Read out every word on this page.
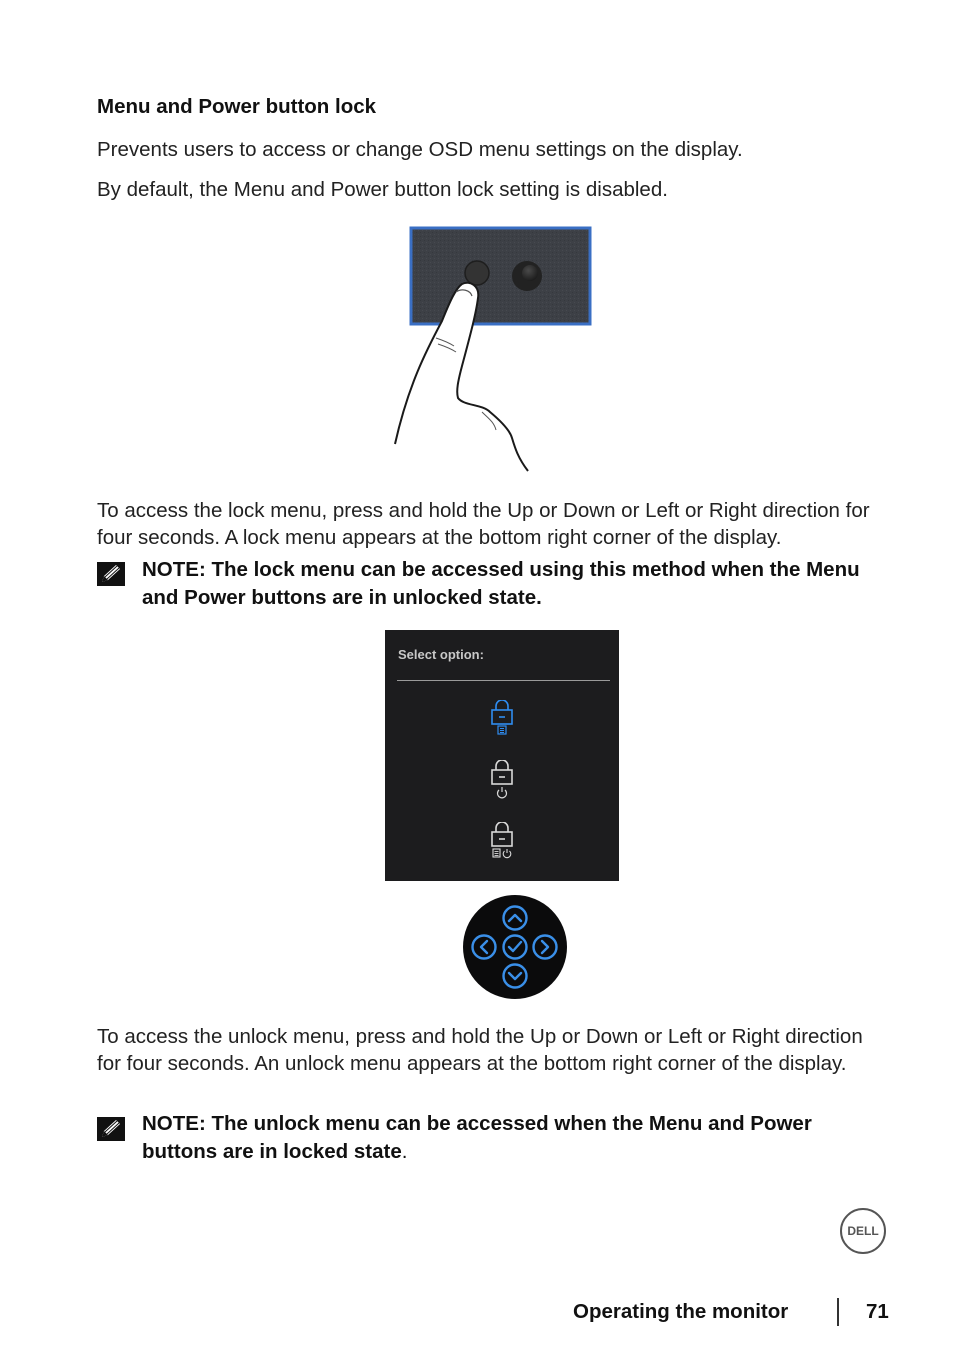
Menu and Power button lock
Prevents users to access or change OSD menu settings on the display.
By default, the Menu and Power button lock setting is disabled.
To access the lock menu, press and hold the Up or Down or Left or Right direction for four seconds. A lock menu appears at the bottom right corner of the display.
NOTE: The lock menu can be accessed using this method when the Menu and Power buttons are in unlocked state.
Select option:
To access the unlock menu, press and hold the Up or Down or Left or Right direction for four seconds. An unlock menu appears at the bottom right corner of the display.
NOTE: The unlock menu can be accessed when the Menu and Power buttons are in locked state.
DELL
Operating the monitor	71
